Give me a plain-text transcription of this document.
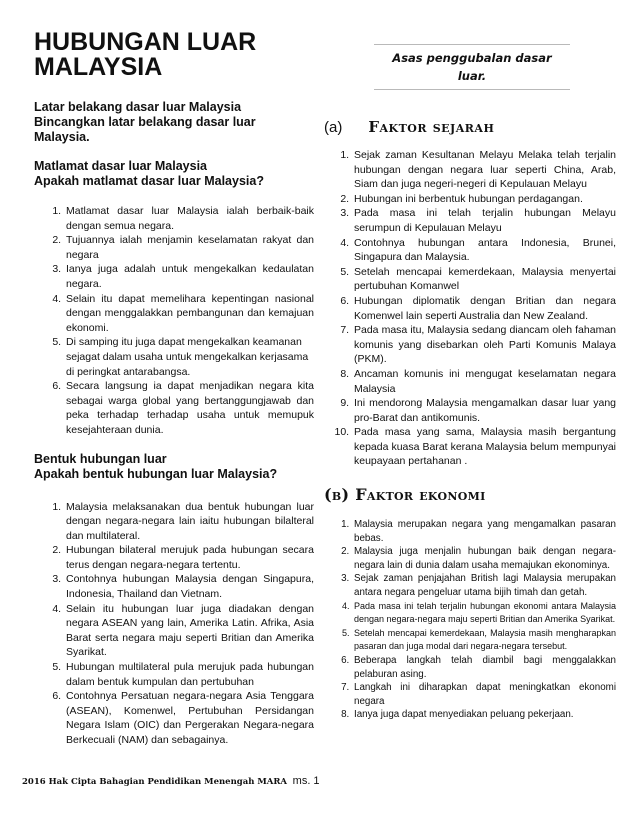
HUBUNGAN LUAR
MALAYSIA

Latar belakang dasar luar Malaysia
Bincangkan latar belakang dasar luar
Malaysia.

Matlamat dasar luar Malaysia
Apakah matlamat dasar luar Malaysia?

1. Matlamat dasar luar Malaysia ialah berbaik-baik dengan semua negara.
2. Tujuannya ialah menjamin keselamatan rakyat dan negara
3. Ianya juga adalah untuk mengekalkan kedaulatan negara.
4. Selain itu dapat memelihara kepentingan nasional dengan menggalakkan pembangunan dan kemajuan ekonomi.
5. Di samping itu juga dapat mengekalkan keamanan sejagat dalam usaha untuk mengekalkan kerjasama di peringkat antarabangsa.
6. Secara langsung ia dapat menjadikan negara kita sebagai warga global yang bertanggungjawab dan peka terhadap terhadap usaha untuk memupuk kesejahteraan dunia.

Bentuk hubungan luar
Apakah bentuk hubungan luar Malaysia?

1. Malaysia melaksanakan dua bentuk hubungan luar dengan negara-negara lain iaitu hubungan bilalteral dan multilateral.
2. Hubungan bilateral merujuk pada hubungan secara terus dengan negara-negara tertentu.
3. Contohnya hubungan Malaysia dengan Singapura, Indonesia, Thailand dan Vietnam.
4. Selain itu hubungan luar juga diadakan dengan negara ASEAN yang lain, Amerika Latin. Afrika, Asia Barat serta negara maju seperti Britian dan Amerika Syarikat.
5. Hubungan multilateral pula merujuk pada hubungan dalam bentuk kumpulan dan pertubuhan
6. Contohnya Persatuan negara-negara Asia Tenggara (ASEAN), Komenwel, Pertubuhan Persidangan Negara Islam (OIC) dan Pergerakan Negara-negara Berkecuali (NAM) dan sebagainya.
Asas penggubalan dasar
luar.
(a) Faktor sejarah
1. Sejak zaman Kesultanan Melayu Melaka telah terjalin hubungan dengan negara luar seperti China, Arab, Siam dan juga negeri-negeri di Kepulauan Melayu
2. Hubungan ini berbentuk hubungan perdagangan.
3. Pada masa ini telah terjalin hubungan Melayu serumpun di Kepulauan Melayu
4. Contohnya hubungan antara Indonesia, Brunei, Singapura dan Malaysia.
5. Setelah mencapai kemerdekaan, Malaysia menyertai pertubuhan Komanwel
6. Hubungan diplomatik dengan Britian dan negara Komenwel lain seperti Australia dan New Zealand.
7. Pada masa itu, Malaysia sedang diancam oleh fahaman komunis yang disebarkan oleh Parti Komunis Malaya (PKM).
8. Ancaman komunis ini mengugat keselamatan negara Malaysia
9. Ini mendorong Malaysia mengamalkan dasar luar yang pro-Barat dan antikomunis.
10. Pada masa yang sama, Malaysia masih bergantung kepada kuasa Barat kerana Malaysia belum mempunyai keupayaan pertahanan .
(b) Faktor ekonomi
1. Malaysia merupakan negara yang mengamalkan pasaran bebas.
2. Malaysia juga menjalin hubungan baik dengan negara-negara lain di dunia dalam usaha memajukan ekonominya.
3. Sejak zaman penjajahan British lagi Malaysia merupakan antara negara pengeluar utama bijih timah dan getah.
4. Pada masa ini telah terjalin hubungan ekonomi antara Malaysia dengan negara-negara maju seperti Britian dan Amerika Syarikat.
5. Setelah mencapai kemerdekaan, Malaysia masih mengharapkan pasaran dan juga modal dari negara-negara tersebut.
6. Beberapa langkah telah diambil bagi menggalakkan pelaburan asing.
7. Langkah ini diharapkan dapat meningkatkan ekonomi negara
8. Ianya juga dapat menyediakan peluang pekerjaan.
2016 Hak Cipta Bahagian Pendidikan Menengah MARA ms. 1
